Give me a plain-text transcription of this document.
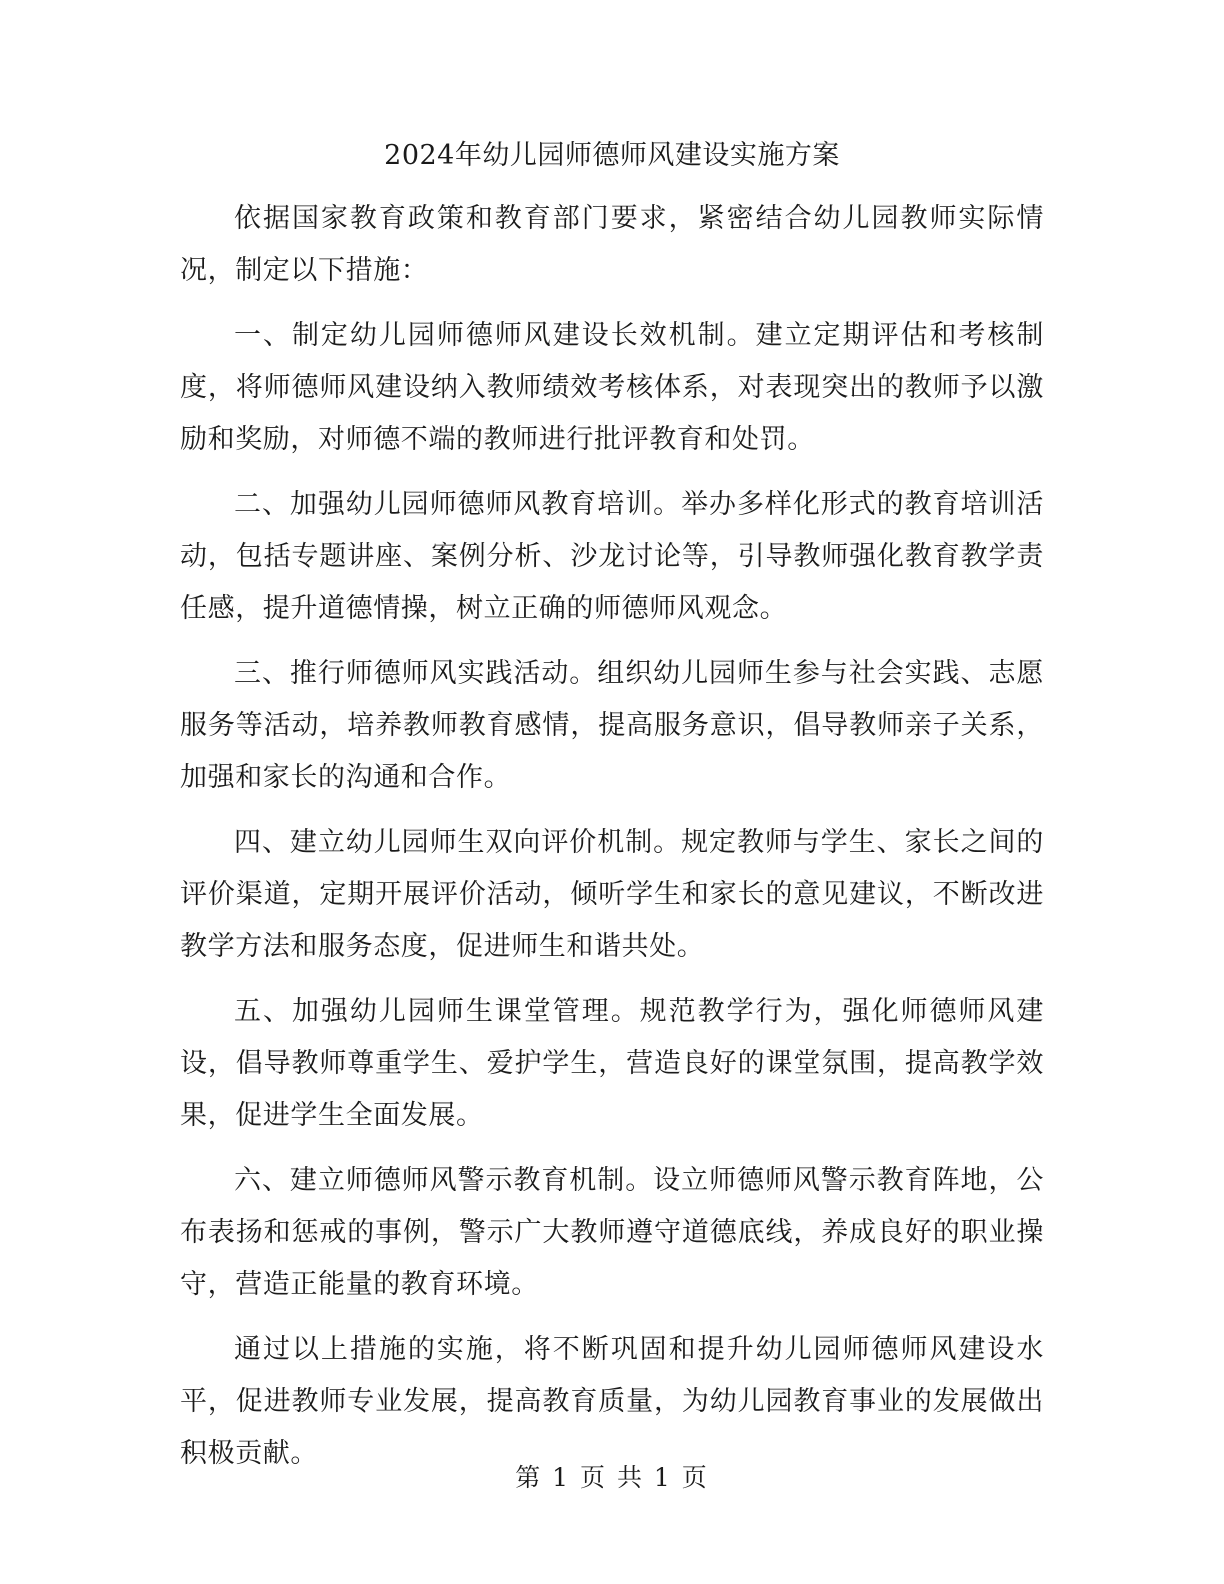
2024年幼儿园师德师风建设实施方案

依据国家教育政策和教育部门要求，紧密结合幼儿园教师实际情况，制定以下措施：

一、制定幼儿园师德师风建设长效机制。建立定期评估和考核制度，将师德师风建设纳入教师绩效考核体系，对表现突出的教师予以激励和奖励，对师德不端的教师进行批评教育和处罚。

二、加强幼儿园师德师风教育培训。举办多样化形式的教育培训活动，包括专题讲座、案例分析、沙龙讨论等，引导教师强化教育教学责任感，提升道德情操，树立正确的师德师风观念。

三、推行师德师风实践活动。组织幼儿园师生参与社会实践、志愿服务等活动，培养教师教育感情，提高服务意识，倡导教师亲子关系，加强和家长的沟通和合作。

四、建立幼儿园师生双向评价机制。规定教师与学生、家长之间的评价渠道，定期开展评价活动，倾听学生和家长的意见建议，不断改进教学方法和服务态度，促进师生和谐共处。

五、加强幼儿园师生课堂管理。规范教学行为，强化师德师风建设，倡导教师尊重学生、爱护学生，营造良好的课堂氛围，提高教学效果，促进学生全面发展。

六、建立师德师风警示教育机制。设立师德师风警示教育阵地，公布表扬和惩戒的事例，警示广大教师遵守道德底线，养成良好的职业操守，营造正能量的教育环境。

通过以上措施的实施，将不断巩固和提升幼儿园师德师风建设水平，促进教师专业发展，提高教育质量，为幼儿园教育事业的发展做出积极贡献。

第 1 页 共 1 页
